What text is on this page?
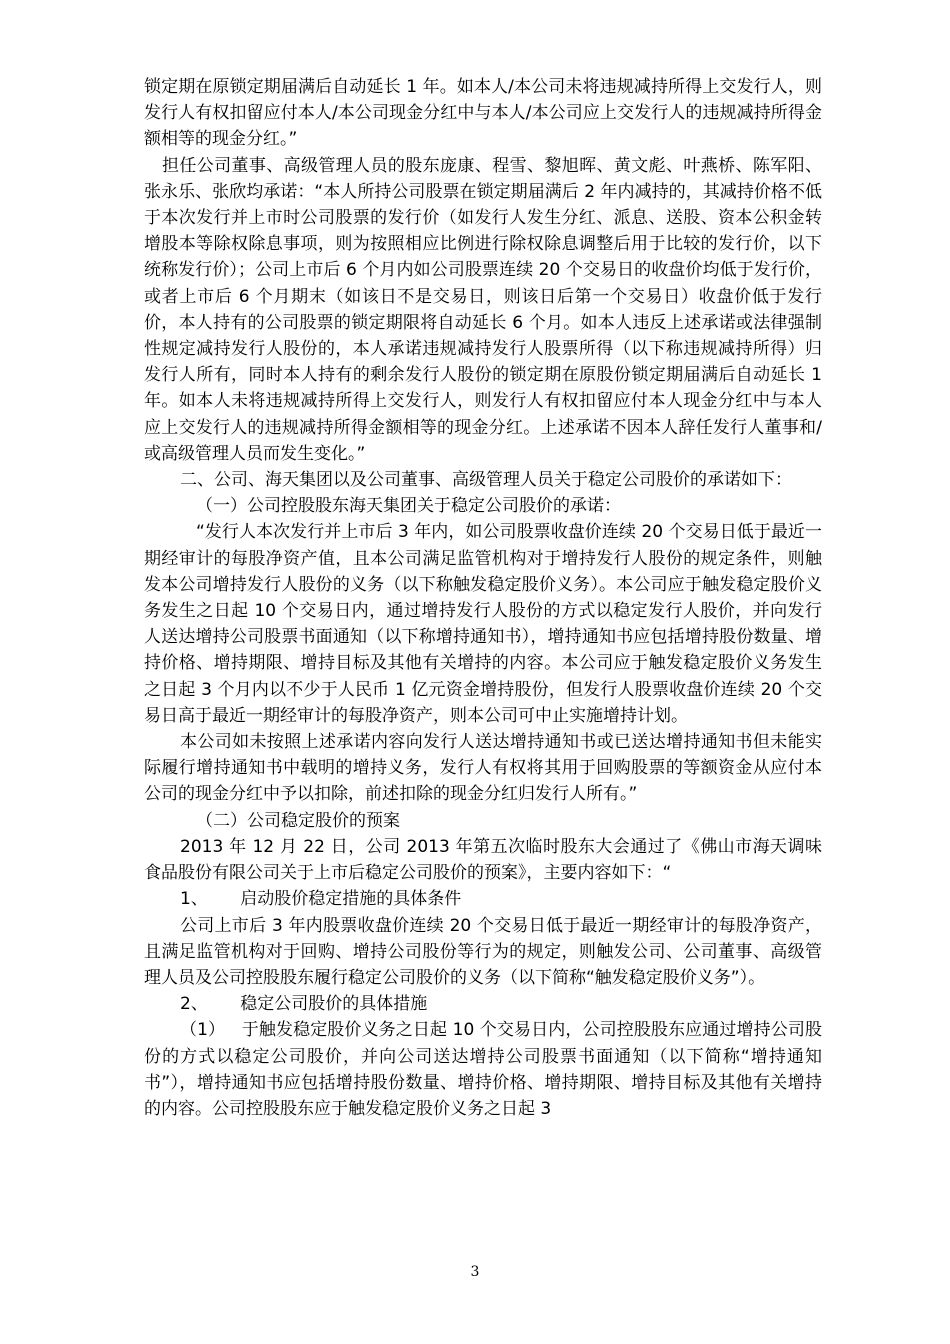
锁定期在原锁定期届满后自动延长 1 年。如本人/本公司未将违规减持所得上交发行人，则发行人有权扣留应付本人/本公司现金分红中与本人/本公司应上交发行人的违规减持所得金额相等的现金分红。”

担任公司董事、高级管理人员的股东庞康、程雪、黎旭晖、黄文彪、叶燕桥、陈军阳、张永乐、张欣均承诺：“本人所持公司股票在锁定期届满后 2 年内减持的，其减持价格不低于本次发行并上市时公司股票的发行价（如发行人发生分红、派息、送股、资本公积金转增股本等除权除息事项，则为按照相应比例进行除权除息调整后用于比较的发行价，以下统称发行价）；公司上市后 6 个月内如公司股票连续 20 个交易日的收盘价均低于发行价，或者上市后 6 个月期末（如该日不是交易日，则该日后第一个交易日）收盘价低于发行价，本人持有的公司股票的锁定期限将自动延长 6 个月。如本人违反上述承诺或法律强制性规定减持发行人股份的，本人承诺违规减持发行人股票所得（以下称违规减持所得）归发行人所有，同时本人持有的剩余发行人股份的锁定期在原股份锁定期届满后自动延长 1 年。如本人未将违规减持所得上交发行人，则发行人有权扣留应付本人现金分红中与本人应上交发行人的违规减持所得金额相等的现金分红。上述承诺不因本人辞任发行人董事和/或高级管理人员而发生变化。”

二、公司、海天集团以及公司董事、高级管理人员关于稳定公司股价的承诺如下：

（一）公司控股股东海天集团关于稳定公司股价的承诺：

“发行人本次发行并上市后 3 年内，如公司股票收盘价连续 20 个交易日低于最近一期经审计的每股净资产值，且本公司满足监管机构对于增持发行人股份的规定条件，则触发本公司增持发行人股份的义务（以下称触发稳定股价义务）。本公司应于触发稳定股价义务发生之日起 10 个交易日内，通过增持发行人股份的方式以稳定发行人股价，并向发行人送达增持公司股票书面通知（以下称增持通知书），增持通知书应包括增持股份数量、增持价格、增持期限、增持目标及其他有关增持的内容。本公司应于触发稳定股价义务发生之日起 3 个月内以不少于人民币 1 亿元资金增持股份，但发行人股票收盘价连续 20 个交易日高于最近一期经审计的每股净资产，则本公司可中止实施增持计划。

本公司如未按照上述承诺内容向发行人送达增持通知书或已送达增持通知书但未能实际履行增持通知书中载明的增持义务，发行人有权将其用于回购股票的等额资金从应付本公司的现金分红中予以扣除，前述扣除的现金分红归发行人所有。”

（二）公司稳定股价的预案

2013 年 12 月 22 日，公司 2013 年第五次临时股东大会通过了《佛山市海天调味食品股份有限公司关于上市后稳定公司股价的预案》，主要内容如下：“

1、      启动股价稳定措施的具体条件

公司上市后 3 年内股票收盘价连续 20 个交易日低于最近一期经审计的每股净资产，且满足监管机构对于回购、增持公司股份等行为的规定，则触发公司、公司董事、高级管理人员及公司控股股东履行稳定公司股价的义务（以下简称“触发稳定股价义务”）。

2、      稳定公司股价的具体措施

（1）   于触发稳定股价义务之日起 10 个交易日内，公司控股股东应通过增持公司股份的方式以稳定公司股价，并向公司送达增持公司股票书面通知（以下简称“增持通知书”），增持通知书应包括增持股份数量、增持价格、增持期限、增持目标及其他有关增持的内容。公司控股股东应于触发稳定股价义务之日起 3

3
